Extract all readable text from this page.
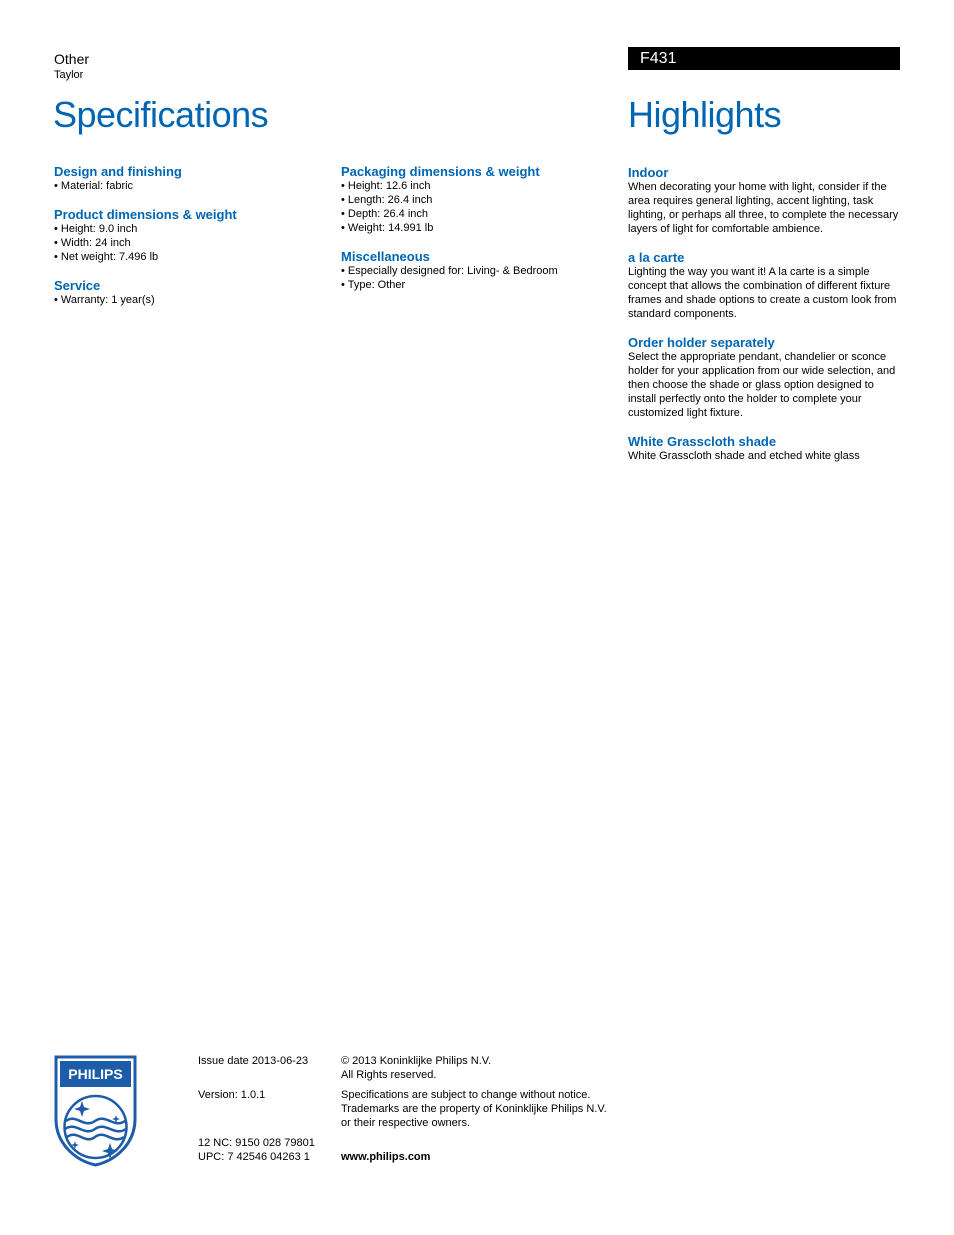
Other
Taylor
F431
Specifications	Highlights
Design and finishing
• Material: fabric
Product dimensions & weight
• Height: 9.0 inch
• Width: 24 inch
• Net weight: 7.496 lb
Service
• Warranty: 1 year(s)
Packaging dimensions & weight
• Height: 12.6 inch
• Length: 26.4 inch
• Depth: 26.4 inch
• Weight: 14.991 lb
Miscellaneous
• Especially designed for: Living- & Bedroom
• Type: Other
Indoor

When decorating your home with light, consider if the area requires general lighting, accent lighting, task lighting, or perhaps all three, to complete the necessary layers of light for comfortable ambience.

a la carte

Lighting the way you want it! A la carte is a simple concept that allows the combination of different fixture frames and shade options to create a custom look from standard components.

Order holder separately

Select the appropriate pendant, chandelier or sconce holder for your application from our wide selection, and then choose the shade or glass option designed to install perfectly onto the holder to complete your customized light fixture.

White Grasscloth shade

White Grasscloth shade and etched white glass

PHILIPS
Issue date 2013-06-23
Version: 1.0.1
12 NC: 9150 028 79801
UPC: 7 42546 04263 1
© 2013 Koninklijke Philips N.V.
All Rights reserved.
Specifications are subject to change without notice.
Trademarks are the property of Koninklijke Philips N.V.
or their respective owners.
www.philips.com
